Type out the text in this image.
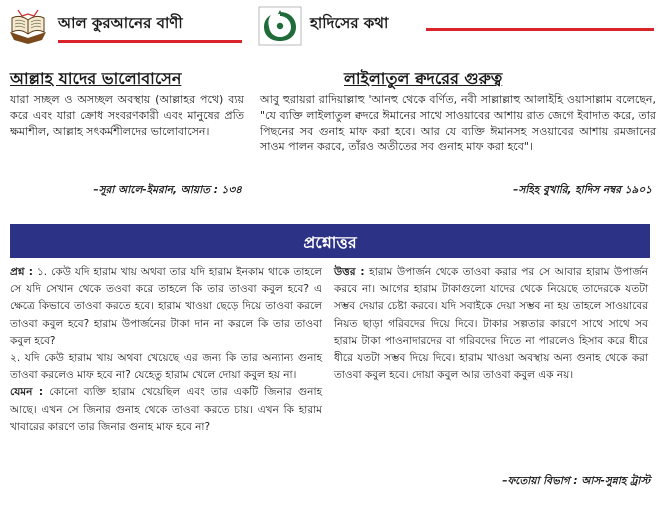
আল কুরআনের বাণী	হাদিসের কথা
আল্লাহ যাদের ভালোবাসেন	লাইলাতুল ক্বদরের গুরুত্ব
যারা সচ্ছল ও অসচ্ছল অবস্থায় (আল্লাহর পথে) ব্যয় করে এবং যারা ক্রোধ সংবরণকারী এবং মানুষের প্রতি ক্ষমাশীল, আল্লাহ সৎকর্মশীলদের ভালোবাসেন।
আবু হুরায়রা রাদিয়াল্লাহু 'আনহু থেকে বর্ণিত, নবী সাল্লাল্লাহু আলাইহি ওয়াসাল্লাম বলেছেন, "যে ব্যক্তি লাইলাতুল ক্বদরে ঈমানের সাথে সাওয়াবের আশায় রাত জেগে ইবাদাত করে, তার পিছনের সব গুনাহ মাফ করা হবে। আর যে ব্যক্তি ঈমানসহ সওয়াবের আশায় রমজানের সাওম পালন করবে, তাঁরও অতীতের সব গুনাহ মাফ করা হবে"।
–সূরা আলে-ইমরান, আয়াত : ১৩৪	–সহিহ বুখারি, হাদিস নম্বর ১৯০১
প্রশ্নোত্তর

প্রশ্ন : ১. কেউ যদি হারাম খায় অথবা তার যদি হারাম ইনকাম থাকে তাহলে সে যদি সেখান থেকে তওবা করে তাহলে কি তার তাওবা কবুল হবে? এ ক্ষেত্রে কিভাবে তাওবা করতে হবে। হারাম খাওয়া ছেড়ে দিয়ে তাওবা করলে তাওবা কবুল হবে? হারাম উপার্জনের টাকা দান না করলে কি তার তাওবা কবুল হবে?

২. যদি কেউ হারাম খায় অথবা খেয়েছে এর জন্য কি তার অন্যান্য গুনাহ তাওবা করলেও মাফ হবে না? যেহেতু হারাম খেলে দোয়া কবুল হয় না।

যেমন : কোনো ব্যক্তি হারাম খেয়েছিল এবং তার একটি জিনার গুনাহ আছে। এখন সে জিনার গুনাহ থেকে তাওবা করতে চায়। এখন কি হারাম খাবারের কারণে তার জিনার গুনাহ মাফ হবে না?

উত্তর : হারাম উপার্জন থেকে তাওবা করার পর সে আবার হারাম উপার্জন করবে না। আগের হারাম টাকাগুলো যাদের থেকে নিয়েছে তাদেরকে যতটা সম্ভব দেয়ার চেষ্টা করবে। যদি সবাইকে দেয়া সম্ভব না হয় তাহলে সাওয়াবের নিয়ত ছাড়া গরিবদের দিয়ে দিবে। টাকার সল্পতার কারণে সাথে সাথে সব হারাম টাকা পাওনাদারদের বা গরিবদের দিতে না পারলেও হিসাব করে ধীরে ধীরে যতটা সম্ভব দিয়ে দিবে। হারাম খাওয়া অবস্থায় অন্য গুনাহ থেকে করা তাওবা কবুল হবে। দোয়া কবুল আর তাওবা কবুল এক নয়।

–ফতোয়া বিভাগ : আস-সুন্নাহ ট্রাস্ট
